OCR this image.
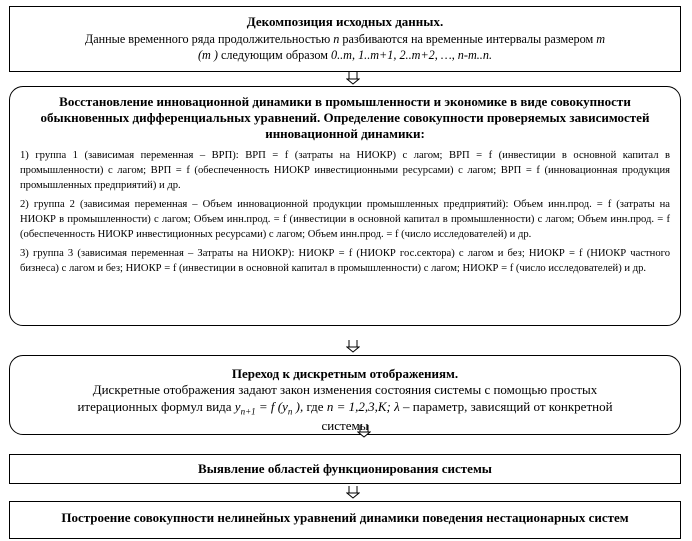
Декомпозиция исходных данных.
Данные временного ряда продолжительностью n разбиваются на временные интервалы размером m
(m ) следующим образом 0..m, 1..m+1, 2..m+2, …, n-m..n.
Восстановление инновационной динамики в промышленности и экономике в виде совокупности обыкновенных дифференциальных уравнений. Определение совокупности проверяемых зависимостей инновационной динамики:

1) группа 1 (зависимая переменная – ВРП): ВРП = f (затраты на НИОКР) с лагом; ВРП = f (инвестиции в основной капитал в промышленности) с лагом; ВРП = f (обеспеченность НИОКР инвестиционными ресурсами) с лагом; ВРП = f (инновационная продукция промышленных предприятий) и др.

2) группа 2 (зависимая переменная – Объем инновационной продукции промышленных предприятий): Объем инн.прод. = f (затраты на НИОКР в промышленности) с лагом; Объем инн.прод. = f (инвестиции в основной капитал в промышленности) с лагом; Объем инн.прод. = f (обеспеченность НИОКР инвестиционных ресурсами) с лагом; Объем инн.прод. = f (число исследователей) и др.

3) группа 3 (зависимая переменная – Затраты на НИОКР): НИОКР = f (НИОКР гос.сектора) с лагом и без; НИОКР = f (НИОКР частного бизнеса) с лагом и без; НИОКР = f (инвестиции в основной капитал в промышленности) с лагом; НИОКР = f (число исследователей) и др.

Переход к дискретным отображениям.
Дискретные отображения задают закон изменения состояния системы с помощью простых
итерационных формул вида $y_{n+1} = f$ ($y_n$ ), где n = 1,2,3,K; λ – параметр, зависящий от конкретной
системы
Выявление областей функционирования системы
Построение совокупности нелинейных уравнений динамики поведения нестационарных систем
